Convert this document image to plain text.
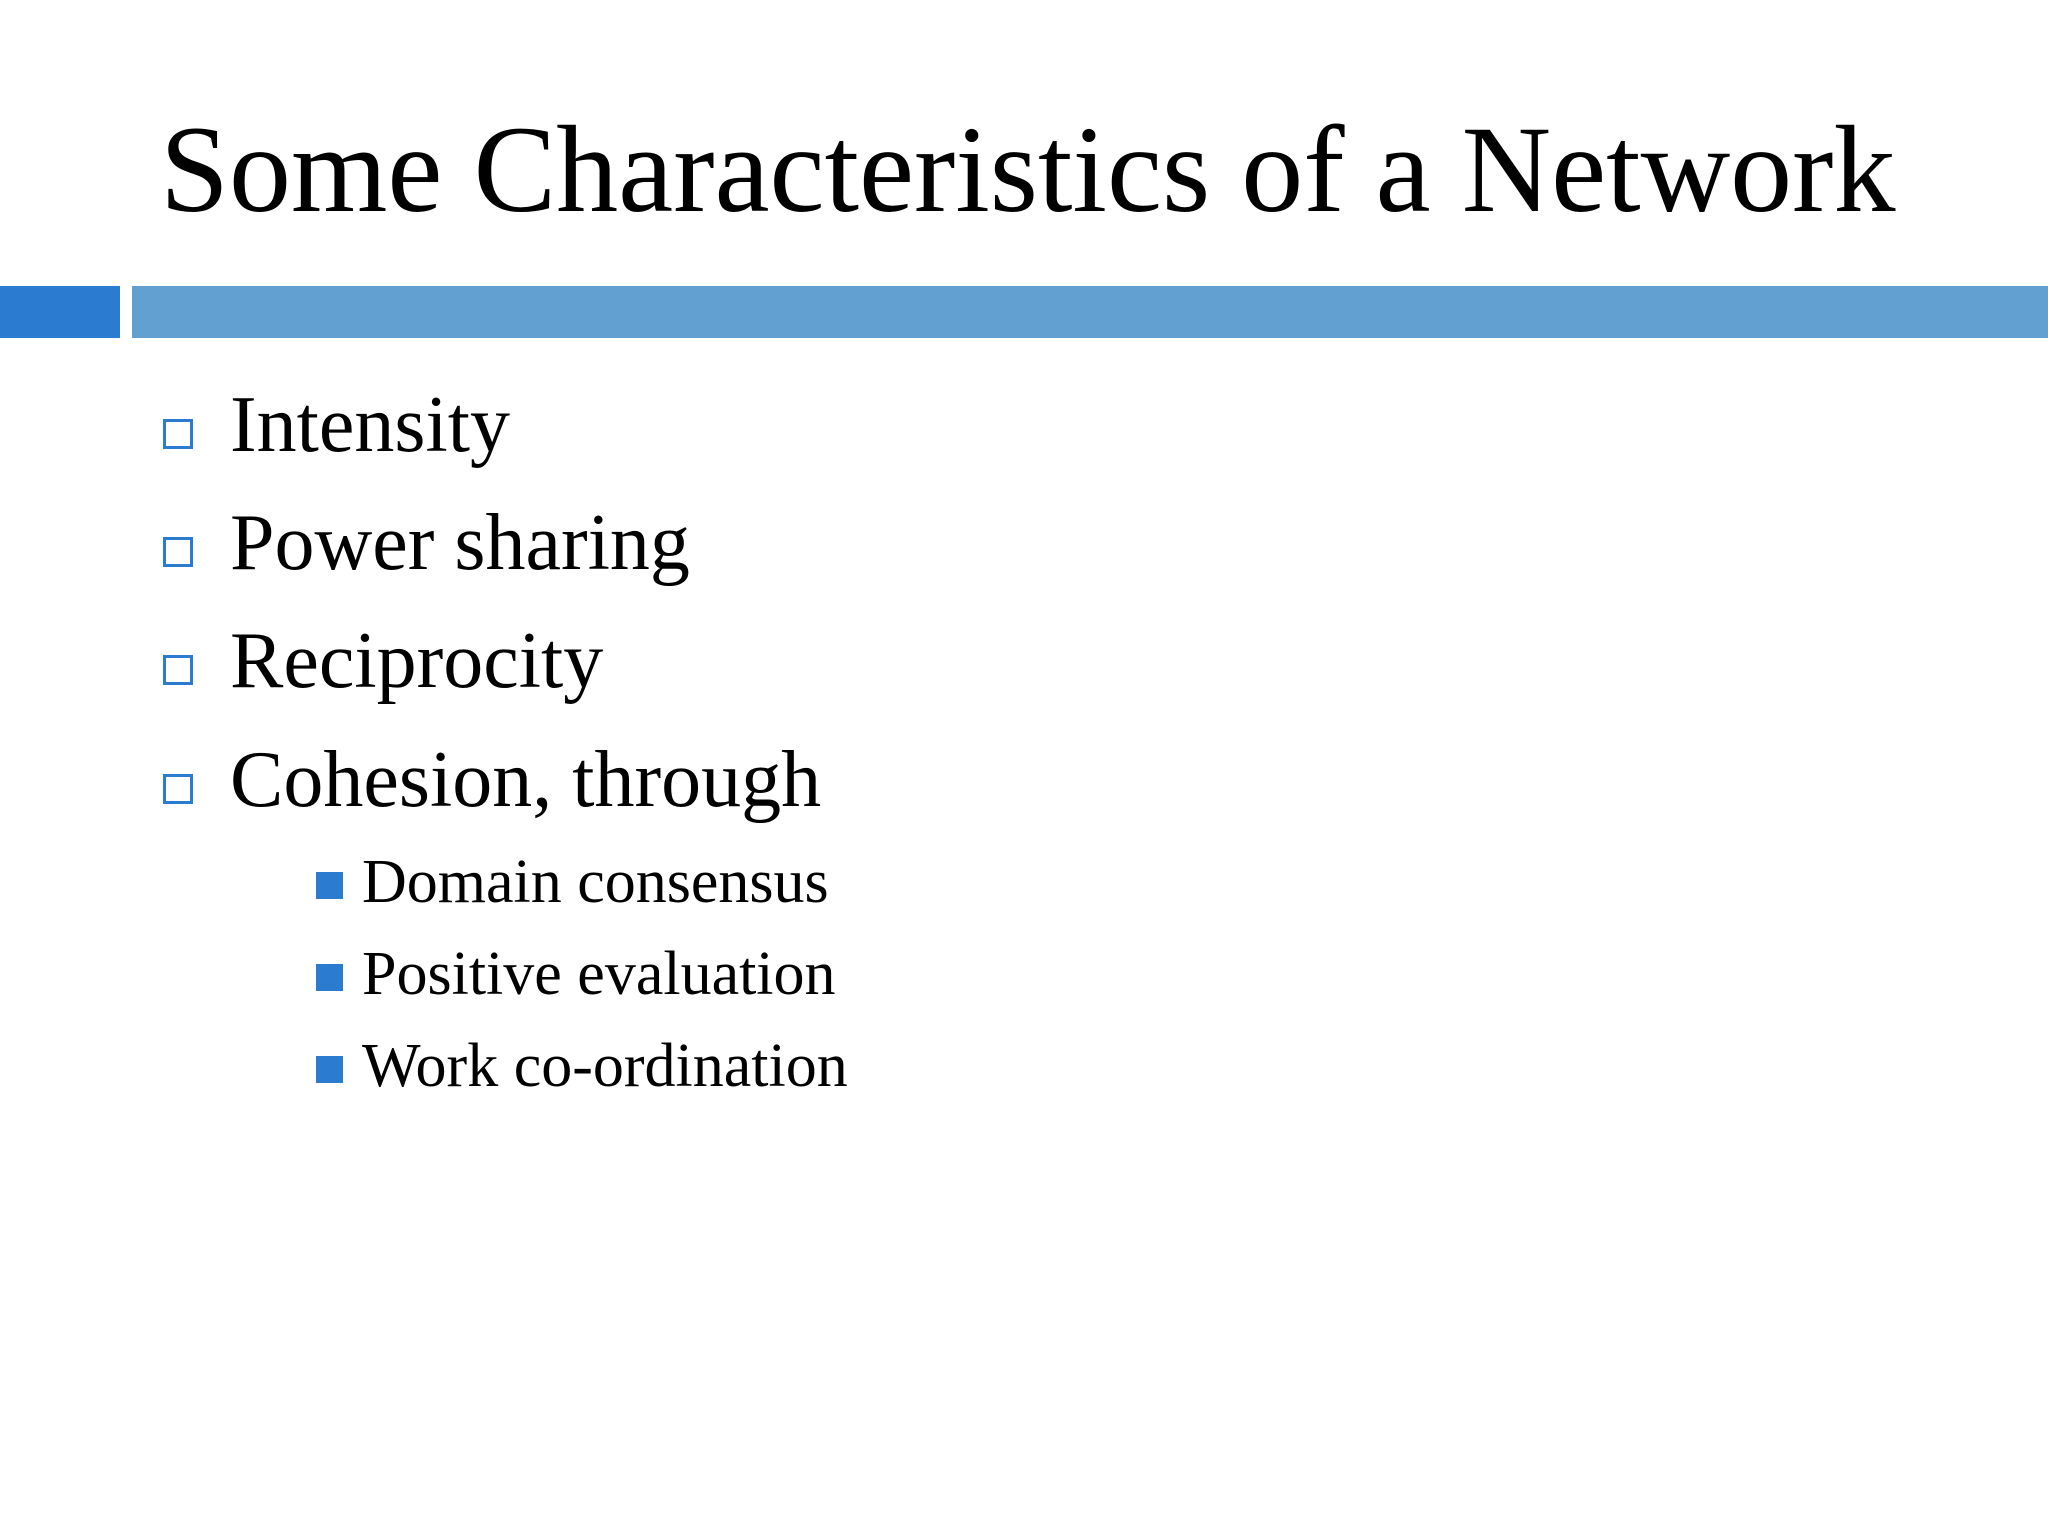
Some Characteristics of a Network
Intensity
Power sharing
Reciprocity
Cohesion, through
Domain consensus
Positive evaluation
Work co-ordination
